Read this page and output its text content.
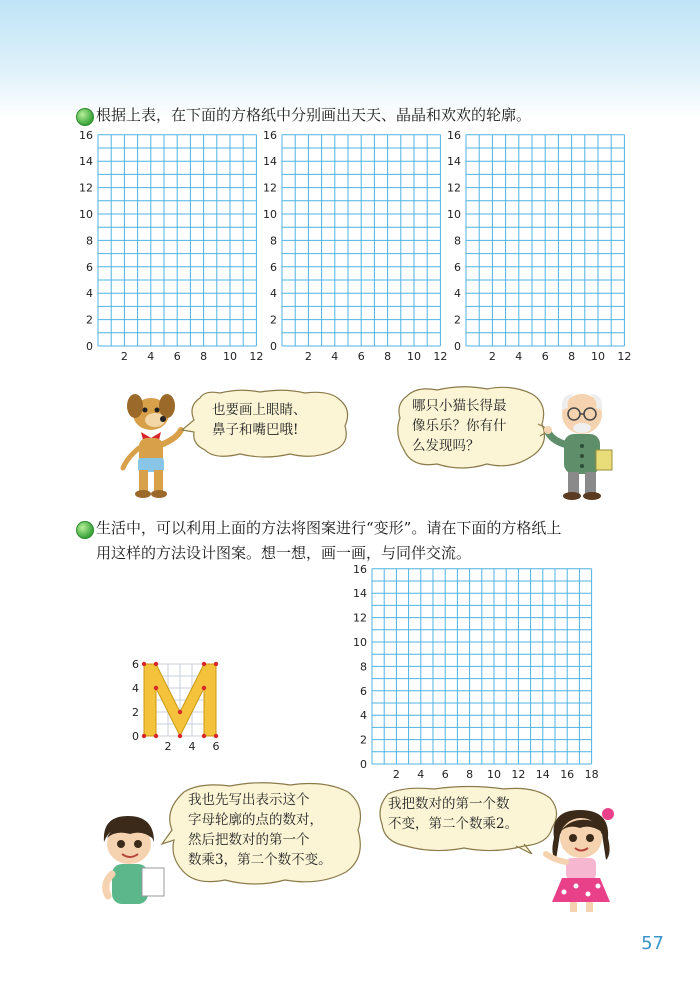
根据上表，在下面的方格纸中分别画出天天、晶晶和欢欢的轮廓。
16
14
12
10
8
6
4
2
0
2 4 6 8 10 12
16
14
12
10
8
6
4
2
0
2 4 6 8 10 12
16
14
12
10
8
6
4
2
0
2 4 6 8 10 12
也要画上眼睛、
鼻子和嘴巴哦!
哪只小猫长得最
像乐乐？你有什
么发现吗？
生活中，可以利用上面的方法将图案进行“变形”。请在下面的方格纸上
用这样的方法设计图案。想一想，画一画，与同伴交流。
6
4
2
0
2 4 6
16
14
12
10
8
6
4
2
0
2 4 6 8 10 12 14 16 18
我也先写出表示这个
字母轮廓的点的数对，
然后把数对的第一个
数乘3，第二个数不变。
我把数对的第一个数
不变，第二个数乘2。
57
